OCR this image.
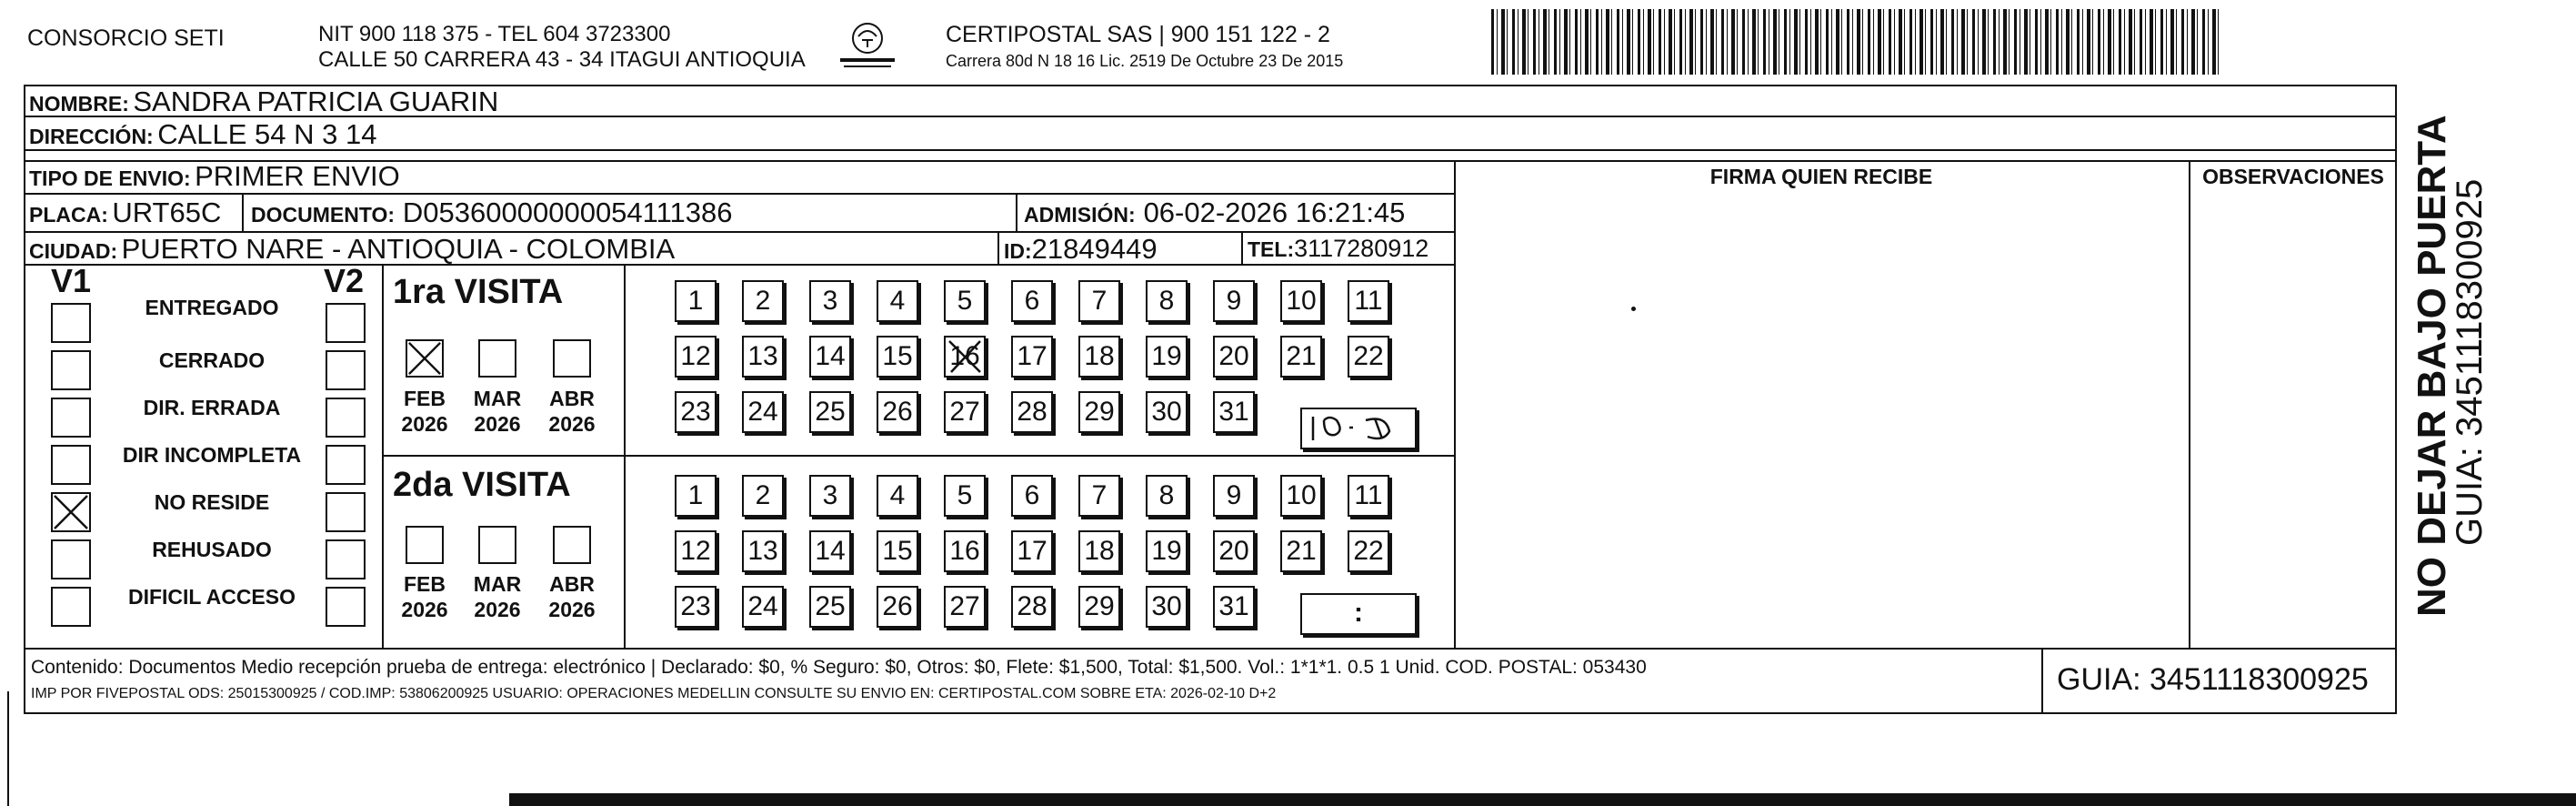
CONSORCIO SETI	NIT 900 118 375 - TEL 604 3723300
CALLE 50 CARRERA 43 - 34 ITAGUI ANTIOQUIA
CERTIPOSTAL SAS | 900 151 122 - 2
Carrera 80d N 18 16 Lic. 2519 De Octubre 23 De 2015
NOMBRE: SANDRA PATRICIA GUARIN
DIRECCIÓN: CALLE 54 N 3 14
TIPO DE ENVIO: PRIMER ENVIO	FIRMA QUIEN RECIBE	OBSERVACIONES
PLACA: URT65C DOCUMENTO: D05360000000054111386	ADMISIÓN: 06-02-2026 16:21:45
CIUDAD: PUERTO NARE - ANTIOQUIA - COLOMBIA	ID:21849449	TEL:3117280912
V1	V2
ENTREGADO
CERRADO
DIR. ERRADA
DIR INCOMPLETA
NO RESIDE
REHUSADO
DIFICIL ACCESO
1ra VISITA
FEB
2026
MAR
2026
ABR
2026
1	2	3	4	5	6	7	8	9	10 11
12 13 14 15 16 17 18 19 20 21 22
23 24 25 26 27 28 29 30 31
2da VISITA
FEB
2026
MAR
2026
ABR
2026
1	2	3	4	5	6	7	8	9	10 11
12 13 14 15 16 17 18 19 20 21 22
23 24 25 26 27 28 29 30 31	:
Contenido: Documentos Medio recepción prueba de entrega: electrónico | Declarado: $0, % Seguro: $0, Otros: $0, Flete: $1,500, Total: $1,500. Vol.: 1*1*1. 0.5 1 Unid. COD. POSTAL: 053430
IMP POR FIVEPOSTAL ODS: 25015300925 / COD.IMP: 53806200925 USUARIO: OPERACIONES MEDELLIN CONSULTE SU ENVIO EN: CERTIPOSTAL.COM SOBRE ETA: 2026-02-10 D+2	GUIA: 3451118300925
NO DEJAR BAJO PUERTA
GUIA: 3451118300925
